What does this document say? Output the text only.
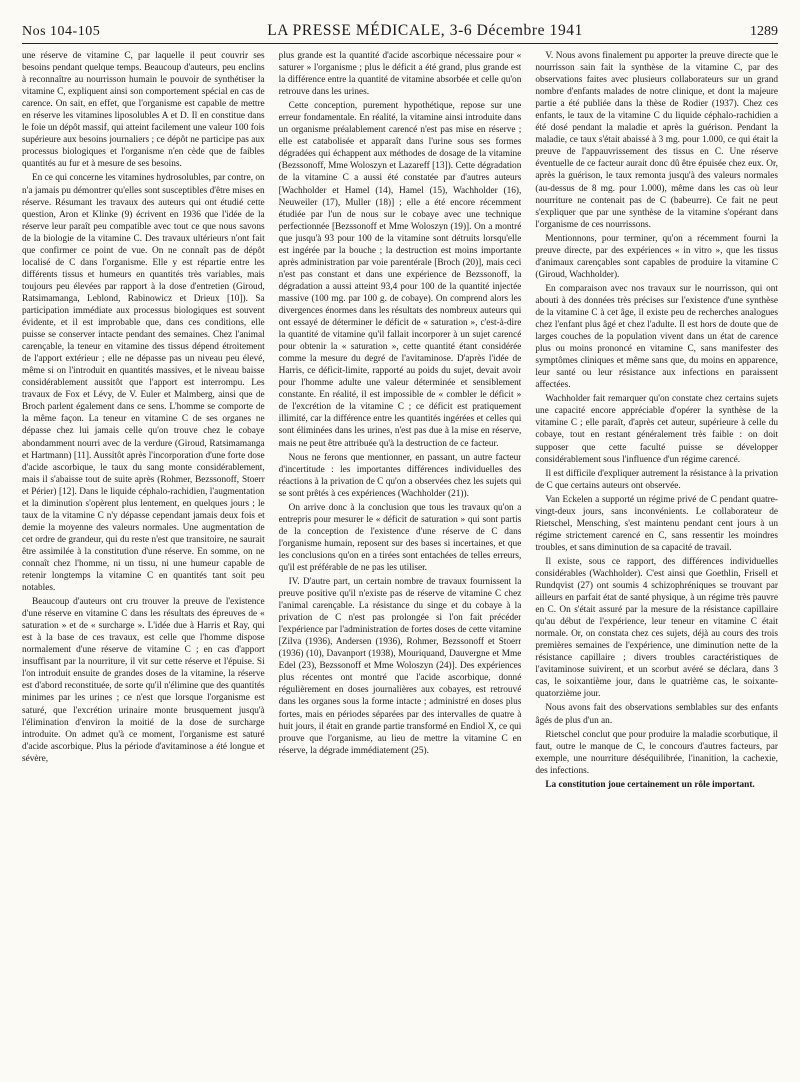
Nos 104-105	LA PRESSE MÉDICALE, 3-6 Décembre 1941	1289

une réserve de vitamine C, par laquelle il peut couvrir ses besoins pendant quelque temps. Beaucoup d'auteurs, peu enclins à reconnaître au nourrisson humain le pouvoir de synthétiser la vitamine C, expliquent ainsi son comportement spécial en cas de carence. On sait, en effet, que l'organisme est capable de mettre en réserve les vitamines liposolubles A et D. Il en constitue dans le foie un dépôt massif, qui atteint facilement une valeur 100 fois supérieure aux besoins journaliers ; ce dépôt ne participe pas aux processus biologiques et l'organisme n'en cède que de faibles quantités au fur et à mesure de ses besoins.

En ce qui concerne les vitamines hydrosolubles, par contre, on n'a jamais pu démontrer qu'elles sont susceptibles d'être mises en réserve. Résumant les travaux des auteurs qui ont étudié cette question, Aron et Klinke (9) écrivent en 1936 que l'idée de la réserve leur paraît peu compatible avec tout ce que nous savons de la biologie de la vitamine C. Des travaux ultérieurs n'ont fait que confirmer ce point de vue. On ne connaît pas de dépôt localisé de C dans l'organisme. Elle y est répartie entre les différents tissus et humeurs en quantités très variables, mais toujours peu élevées par rapport à la dose d'entretien (Giroud, Ratsimamanga, Leblond, Rabinowicz et Drieux [10]). Sa participation immédiate aux processus biologiques est souvent évidente, et il est improbable que, dans ces conditions, elle puisse se conserver intacte pendant des semaines. Chez l'animal carençable, la teneur en vitamine des tissus dépend étroitement de l'apport extérieur ; elle ne dépasse pas un niveau peu élevé, même si on l'introduit en quantités massives, et le niveau baisse considérablement aussitôt que l'apport est interrompu. Les travaux de Fox et Lévy, de V. Euler et Malmberg, ainsi que de Broch parlent également dans ce sens. L'homme se comporte de la même façon. La teneur en vitamine C de ses organes ne dépasse chez lui jamais celle qu'on trouve chez le cobaye abondamment nourri avec de la verdure (Giroud, Ratsimamanga et Hartmann) [11]. Aussitôt après l'incorporation d'une forte dose d'acide ascorbique, le taux du sang monte considérablement, mais il s'abaisse tout de suite après (Rohmer, Bezssonoff, Stoerr et Périer) [12]. Dans le liquide céphalo-rachidien, l'augmentation et la diminution s'opèrent plus lentement, en quelques jours ; le taux de la vitamine C n'y dépasse cependant jamais deux fois et demie la moyenne des valeurs normales. Une augmentation de cet ordre de grandeur, qui du reste n'est que transitoire, ne saurait être assimilée à la constitution d'une réserve. En somme, on ne connaît chez l'homme, ni un tissu, ni une humeur capable de retenir longtemps la vitamine C en quantités tant soit peu notables.

Beaucoup d'auteurs ont cru trouver la preuve de l'existence d'une réserve en vitamine C dans les résultats des épreuves de « saturation » et de « surcharge ». L'idée due à Harris et Ray, qui est à la base de ces travaux, est celle que l'homme dispose normalement d'une réserve de vitamine C ; en cas d'apport insuffisant par la nourriture, il vit sur cette réserve et l'épuise. Si l'on introduit ensuite de grandes doses de la vitamine, la réserve est d'abord reconstituée, de sorte qu'il n'élimine que des quantités minimes par les urines ; ce n'est que lorsque l'organisme est saturé, que l'excrétion urinaire monte brusquement jusqu'à l'élimination d'environ la moitié de la dose de surcharge introduite. On admet qu'à ce moment, l'organisme est saturé d'acide ascorbique. Plus la période d'avitaminose a été longue et sévère,

plus grande est la quantité d'acide ascorbique nécessaire pour « saturer » l'organisme ; plus le déficit a été grand, plus grande est la différence entre la quantité de vitamine absorbée et celle qu'on retrouve dans les urines.

Cette conception, purement hypothétique, repose sur une erreur fondamentale. En réalité, la vitamine ainsi introduite dans un organisme préalablement carencé n'est pas mise en réserve ; elle est catabolisée et apparaît dans l'urine sous ses formes dégradées qui échappent aux méthodes de dosage de la vitamine (Bezssonoff, Mme Woloszyn et Lazareff [13]). Cette dégradation de la vitamine C a aussi été constatée par d'autres auteurs [Wachholder et Hamel (14), Hamel (15), Wachholder (16), Neuweiler (17), Muller (18)] ; elle a été encore récemment étudiée par l'un de nous sur le cobaye avec une technique perfectionnée [Bezssonoff et Mme Woloszyn (19)]. On a montré que jusqu'à 93 pour 100 de la vitamine sont détruits lorsqu'elle est ingérée par la bouche ; la destruction est moins importante après administration par voie parentérale [Broch (20)], mais ceci n'est pas constant et dans une expérience de Bezssonoff, la dégradation a aussi atteint 93,4 pour 100 de la quantité injectée massive (100 mg. par 100 g. de cobaye). On comprend alors les divergences énormes dans les résultats des nombreux auteurs qui ont essayé de déterminer le déficit de « saturation », c'est-à-dire la quantité de vitamine qu'il fallait incorporer à un sujet carencé pour obtenir la « saturation », cette quantité étant considérée comme la mesure du degré de l'avitaminose. D'après l'idée de Harris, ce déficit-limite, rapporté au poids du sujet, devait avoir pour l'homme adulte une valeur déterminée et sensiblement constante. En réalité, il est impossible de « combler le déficit » de l'excrétion de la vitamine C ; ce déficit est pratiquement illimité, car la différence entre les quantités ingérées et celles qui sont éliminées dans les urines, n'est pas due à la mise en réserve, mais ne peut être attribuée qu'à la destruction de ce facteur.

Nous ne ferons que mentionner, en passant, un autre facteur d'incertitude : les importantes différences individuelles des réactions à la privation de C qu'on a observées chez les sujets qui se sont prêtés à ces expériences (Wachholder (21)).

On arrive donc à la conclusion que tous les travaux qu'on a entrepris pour mesurer le « déficit de saturation » qui sont partis de la conception de l'existence d'une réserve de C dans l'organisme humain, reposent sur des bases si incertaines, et que les conclusions qu'on en a tirées sont entachées de telles erreurs, qu'il est préférable de ne pas les utiliser.

IV. D'autre part, un certain nombre de travaux fournissent la preuve positive qu'il n'existe pas de réserve de vitamine C chez l'animal carençable. La résistance du singe et du cobaye à la privation de C n'est pas prolongée si l'on fait précéder l'expérience par l'administration de fortes doses de cette vitamine [Zilva (1936), Andersen (1936), Rohmer, Bezssonoff et Stoerr (1936) (10), Davanport (1938), Mouriquand, Dauvergne et Mme Edel (23), Bezssonoff et Mme Woloszyn (24)]. Des expériences plus récentes ont montré que l'acide ascorbique, donné régulièrement en doses journalières aux cobayes, est retrouvé dans les organes sous la forme intacte ; administré en doses plus fortes, mais en périodes séparées par des intervalles de quatre à huit jours, il était en grande partie transformé en Endiol X, ce qui prouve que l'organisme, au lieu de mettre la vitamine C en réserve, la dégrade immédiatement (25).

V. Nous avons finalement pu apporter la preuve directe que le nourrisson sain fait la synthèse de la vitamine C, par des observations faites avec plusieurs collaborateurs sur un grand nombre d'enfants malades de notre clinique, et dont la majeure partie a été publiée dans la thèse de Rodier (1937). Chez ces enfants, le taux de la vitamine C du liquide céphalo-rachidien a été dosé pendant la maladie et après la guérison. Pendant la maladie, ce taux s'était abaissé à 3 mg. pour 1.000, ce qui était la preuve de l'appauvrissement des tissus en C. Une réserve éventuelle de ce facteur aurait donc dû être épuisée chez eux. Or, après la guérison, le taux remonta jusqu'à des valeurs normales (au-dessus de 8 mg. pour 1.000), même dans les cas où leur nourriture ne contenait pas de C (babeurre). Ce fait ne peut s'expliquer que par une synthèse de la vitamine s'opérant dans l'organisme de ces nourrissons.

Mentionnons, pour terminer, qu'on a récemment fourni la preuve directe, par des expériences « in vitro », que les tissus d'animaux carençables sont capables de produire la vitamine C (Giroud, Wachholder).

En comparaison avec nos travaux sur le nourrisson, qui ont abouti à des données très précises sur l'existence d'une synthèse de la vitamine C à cet âge, il existe peu de recherches analogues chez l'enfant plus âgé et chez l'adulte. Il est hors de doute que de larges couches de la population vivent dans un état de carence plus ou moins prononcé en vitamine C, sans manifester des symptômes cliniques et même sans que, du moins en apparence, leur santé ou leur résistance aux infections en paraissent affectées.

Wachholder fait remarquer qu'on constate chez certains sujets une capacité encore appréciable d'opérer la synthèse de la vitamine C ; elle paraît, d'après cet auteur, supérieure à celle du cobaye, tout en restant généralement très faible : on doit supposer que cette faculté puisse se développer considérablement sous l'influence d'un régime carencé.

Il est difficile d'expliquer autrement la résistance à la privation de C que certains auteurs ont observée.

Van Eckelen a supporté un régime privé de C pendant quatre-vingt-deux jours, sans inconvénients. Le collaborateur de Rietschel, Mensching, s'est maintenu pendant cent jours à un régime strictement carencé en C, sans ressentir les moindres troubles, et sans diminution de sa capacité de travail.

Il existe, sous ce rapport, des différences individuelles considérables (Wachholder). C'est ainsi que Goethlin, Frisell et Rundqvist (27) ont soumis 4 schizophréniques se trouvant par ailleurs en parfait état de santé physique, à un régime très pauvre en C. On s'était assuré par la mesure de la résistance capillaire qu'au début de l'expérience, leur teneur en vitamine C était normale. Or, on constata chez ces sujets, déjà au cours des trois premières semaines de l'expérience, une diminution nette de la résistance capillaire ; divers troubles caractéristiques de l'avitaminose suivirent, et un scorbut avéré se déclara, dans 3 cas, le soixantième jour, dans le quatrième cas, le soixante-quatorzième jour.

Nous avons fait des observations semblables sur des enfants âgés de plus d'un an.

Rietschel conclut que pour produire la maladie scorbutique, il faut, outre le manque de C, le concours d'autres facteurs, par exemple, une nourriture déséquilibrée, l'inanition, la cachexie, des infections.

La constitution joue certainement un rôle important.
